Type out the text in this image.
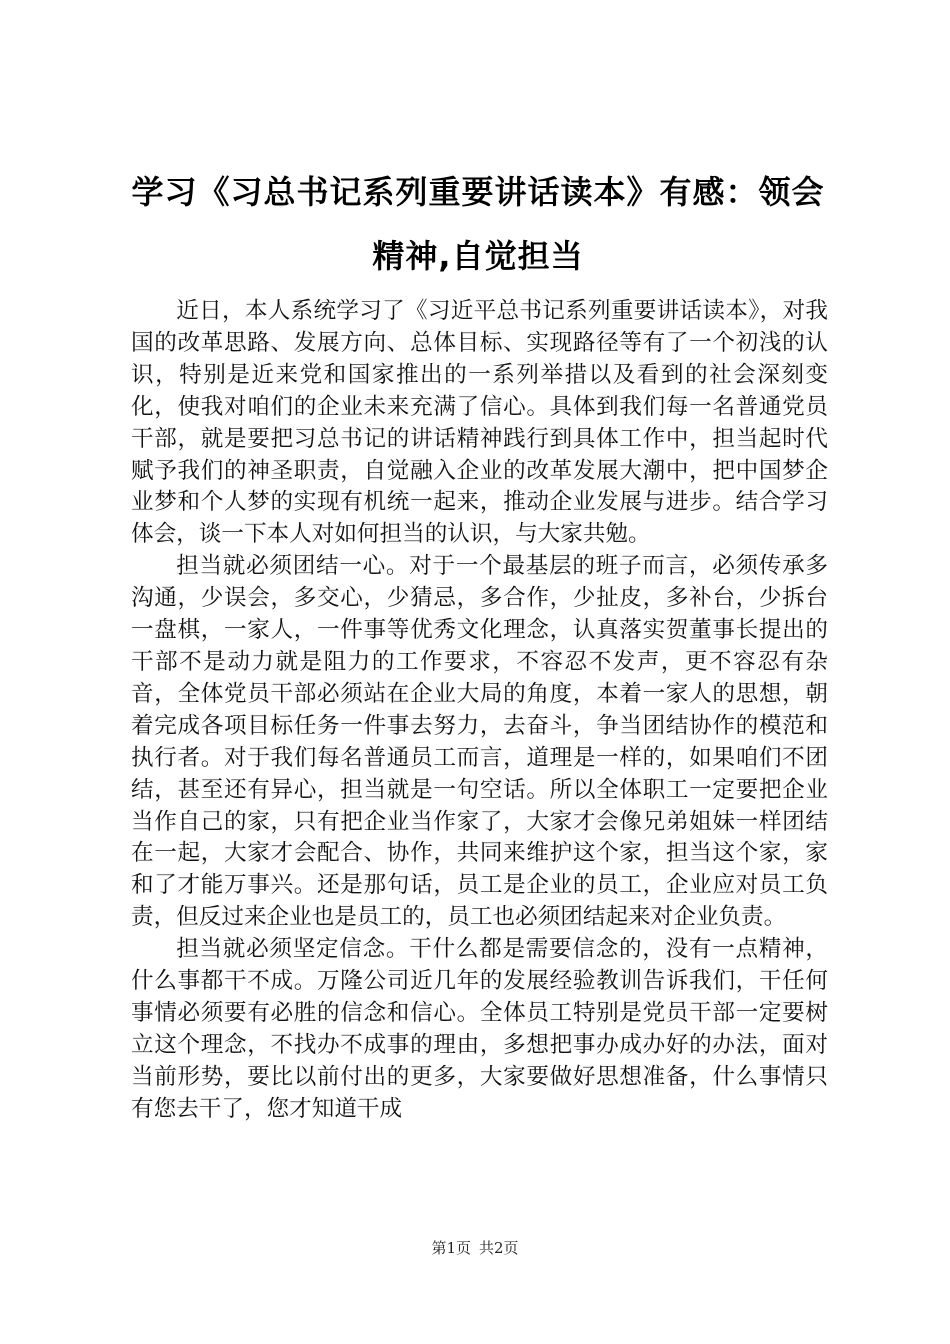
学习《习总书记系列重要讲话读本》有感：领会精神,自觉担当

近日，本人系统学习了《习近平总书记系列重要讲话读本》，对我国的改革思路、发展方向、总体目标、实现路径等有了一个初浅的认识，特别是近来党和国家推出的一系列举措以及看到的社会深刻变化，使我对咱们的企业未来充满了信心。具体到我们每一名普通党员干部，就是要把习总书记的讲话精神践行到具体工作中，担当起时代赋予我们的神圣职责，自觉融入企业的改革发展大潮中，把中国梦企业梦和个人梦的实现有机统一起来，推动企业发展与进步。结合学习体会，谈一下本人对如何担当的认识，与大家共勉。

担当就必须团结一心。对于一个最基层的班子而言，必须传承多沟通，少误会，多交心，少猜忌，多合作，少扯皮，多补台，少拆台一盘棋，一家人，一件事等优秀文化理念，认真落实贺董事长提出的干部不是动力就是阻力的工作要求，不容忍不发声，更不容忍有杂音，全体党员干部必须站在企业大局的角度，本着一家人的思想，朝着完成各项目标任务一件事去努力，去奋斗，争当团结协作的模范和执行者。对于我们每名普通员工而言，道理是一样的，如果咱们不团结，甚至还有异心，担当就是一句空话。所以全体职工一定要把企业当作自己的家，只有把企业当作家了，大家才会像兄弟姐妹一样团结在一起，大家才会配合、协作，共同来维护这个家，担当这个家，家和了才能万事兴。还是那句话，员工是企业的员工，企业应对员工负责，但反过来企业也是员工的，员工也必须团结起来对企业负责。

担当就必须坚定信念。干什么都是需要信念的，没有一点精神，什么事都干不成。万隆公司近几年的发展经验教训告诉我们，干任何事情必须要有必胜的信念和信心。全体员工特别是党员干部一定要树立这个理念，不找办不成事的理由，多想把事办成办好的办法，面对当前形势，要比以前付出的更多，大家要做好思想准备，什么事情只有您去干了，您才知道干成

第1页 共2页
